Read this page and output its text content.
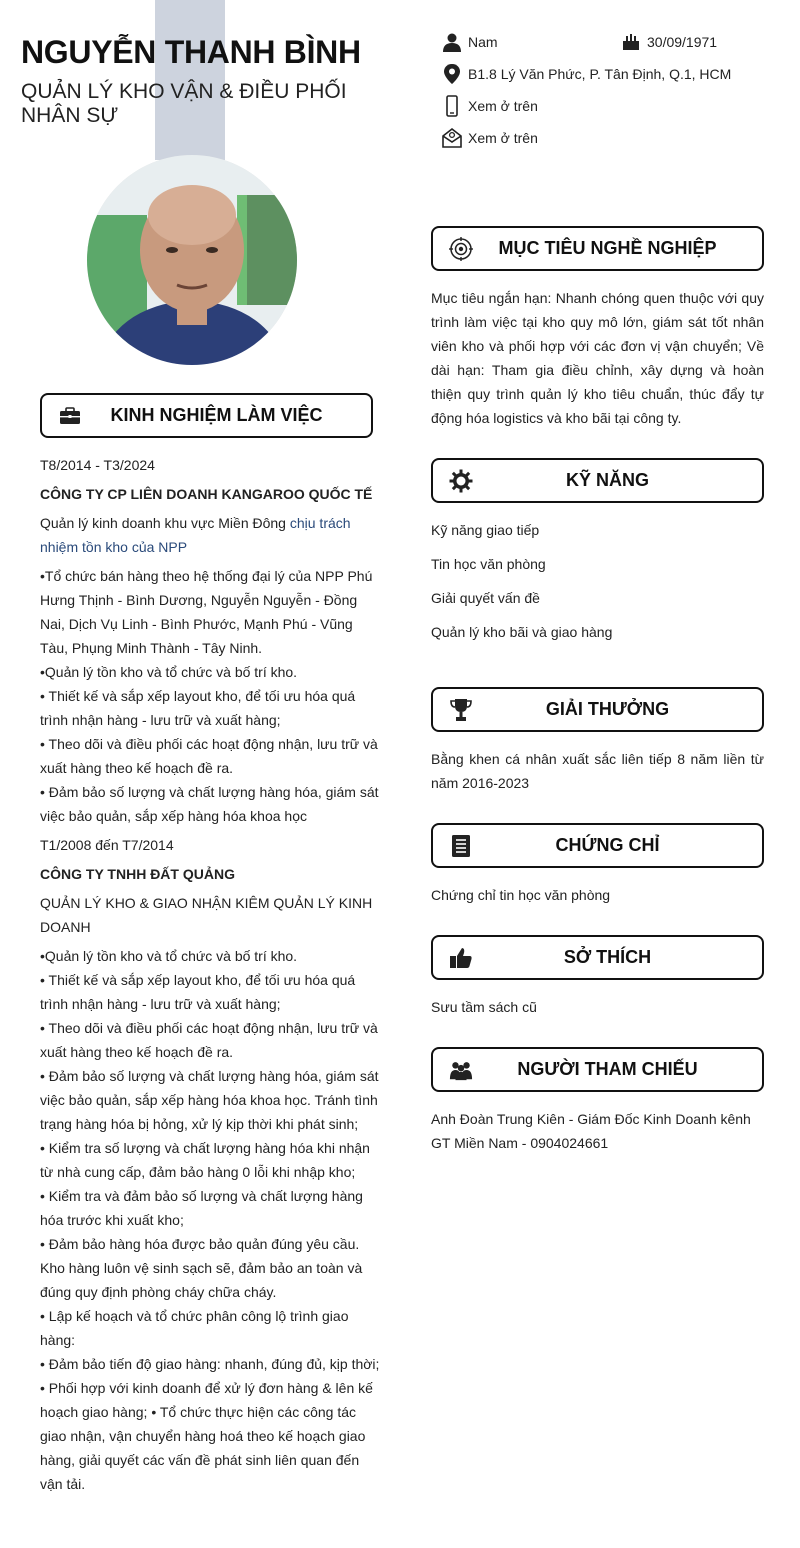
NGUYỄN THANH BÌNH
QUẢN LÝ KHO VẬN & ĐIỀU PHỐI NHÂN SỰ
Nam	30/09/1971
B1.8 Lý Văn Phức, P. Tân Định, Q.1, HCM
Xem ở trên
Xem ở trên
KINH NGHIỆM LÀM VIỆC
T8/2014 - T3/2024
CÔNG TY CP LIÊN DOANH KANGAROO QUỐC TẾ
Quản lý kinh doanh khu vực Miền Đông chịu trách nhiệm tồn kho của NPP
•Tổ chức bán hàng theo hệ thống đại lý của NPP Phú Hưng Thịnh - Bình Dương, Nguyễn Nguyễn - Đồng Nai, Dịch Vụ Linh - Bình Phước, Mạnh Phú - Vũng Tàu, Phụng Minh Thành - Tây Ninh.
•Quản lý tồn kho và tổ chức và bố trí kho.
• Thiết kế và sắp xếp layout kho, để tối ưu hóa quá trình nhận hàng - lưu trữ và xuất hàng;
• Theo dõi và điều phối các hoạt động nhận, lưu trữ và xuất hàng theo kế hoạch đề ra.
• Đảm bảo số lượng và chất lượng hàng hóa, giám sát việc bảo quản, sắp xếp hàng hóa khoa học
T1/2008 đến T7/2014
CÔNG TY TNHH ĐẤT QUẢNG
QUẢN LÝ KHO & GIAO NHẬN KIÊM QUẢN LÝ KINH DOANH
•Quản lý tồn kho và tổ chức và bố trí kho.
• Thiết kế và sắp xếp layout kho, để tối ưu hóa quá trình nhận hàng - lưu trữ và xuất hàng;
• Theo dõi và điều phối các hoạt động nhận, lưu trữ và xuất hàng theo kế hoạch đề ra.
• Đảm bảo số lượng và chất lượng hàng hóa, giám sát việc bảo quản, sắp xếp hàng hóa khoa học. Tránh tình trạng hàng hóa bị hỏng, xử lý kịp thời khi phát sinh;
• Kiểm tra số lượng và chất lượng hàng hóa khi nhận từ nhà cung cấp, đảm bảo hàng 0 lỗi khi nhập kho;
• Kiểm tra và đảm bảo số lượng và chất lượng hàng hóa trước khi xuất kho;
• Đảm bảo hàng hóa được bảo quản đúng yêu cầu. Kho hàng luôn vệ sinh sạch sẽ, đảm bảo an toàn và đúng quy định phòng cháy chữa cháy.
• Lập kế hoạch và tổ chức phân công lộ trình giao hàng:
• Đảm bảo tiến độ giao hàng: nhanh, đúng đủ, kịp thời;
• Phối hợp với kinh doanh để xử lý đơn hàng & lên kế hoạch giao hàng; • Tổ chức thực hiện các công tác giao nhận, vận chuyển hàng hoá theo kế hoạch giao hàng, giải quyết các vấn đề phát sinh liên quan đến vận tải.
MỤC TIÊU NGHỀ NGHIỆP
Mục tiêu ngắn hạn: Nhanh chóng quen thuộc với quy trình làm việc tại kho quy mô lớn, giám sát tốt nhân viên kho và phối hợp với các đơn vị vận chuyển; Về dài hạn: Tham gia điều chỉnh, xây dựng và hoàn thiện quy trình quản lý kho tiêu chuẩn, thúc đẩy tự động hóa logistics và kho bãi tại công ty.
KỸ NĂNG
Kỹ năng giao tiếp
Tin học văn phòng
Giải quyết vấn đề
Quản lý kho bãi và giao hàng
GIẢI THƯỞNG
Bằng khen cá nhân xuất sắc liên tiếp 8 năm liền từ năm 2016-2023
CHỨNG CHỈ
Chứng chỉ tin học văn phòng
SỞ THÍCH
Sưu tầm sách cũ
NGƯỜI THAM CHIẾU
Anh Đoàn Trung Kiên - Giám Đốc Kinh Doanh kênh GT Miền Nam - 0904024661
